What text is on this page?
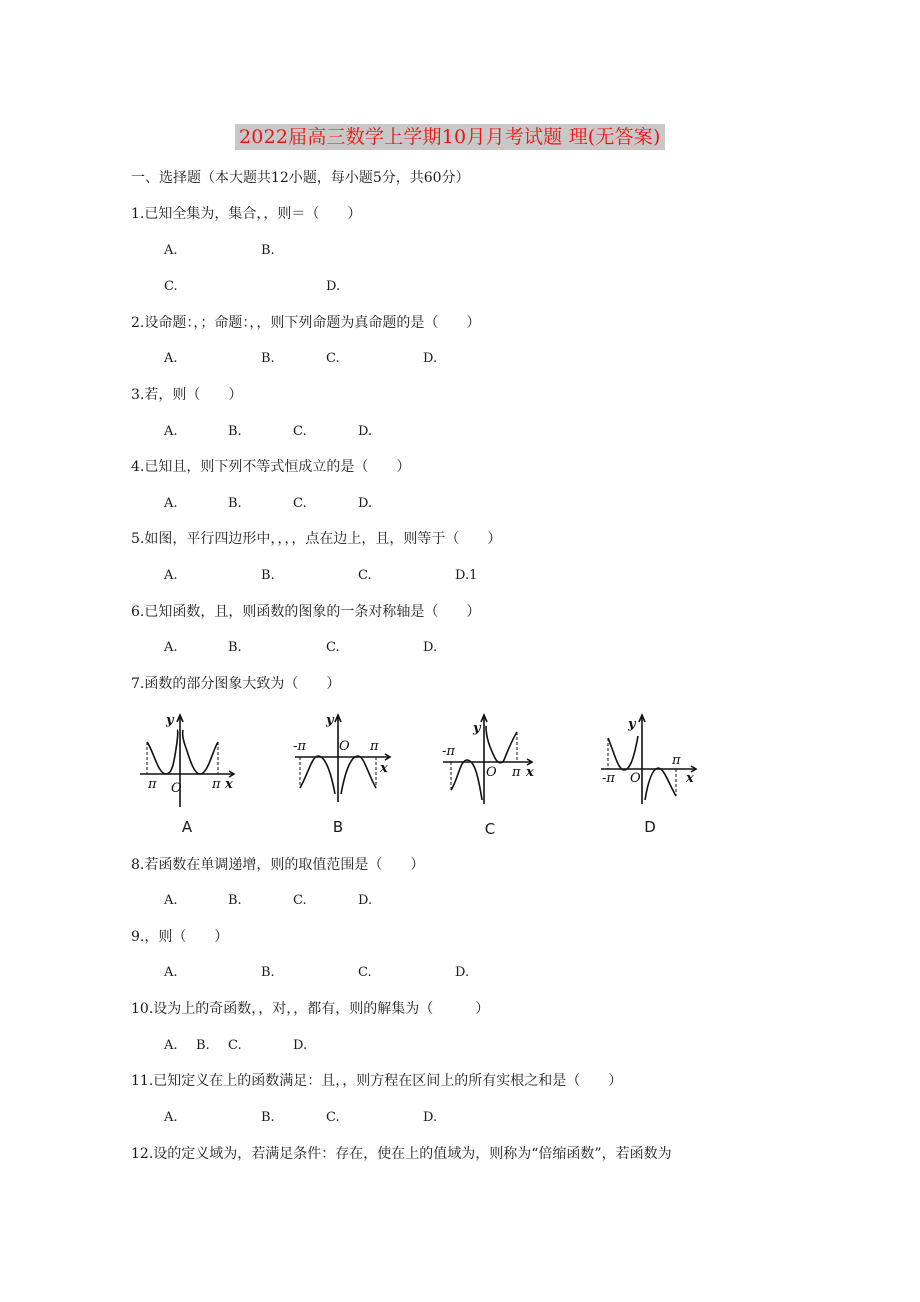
2022届高三数学上学期10月月考试题 理(无答案)
一、选择题（本大题共12小题，每小题5分，共60分）
1.已知全集为，集合，，则＝（　　）
A.	B.
C.	D.
2.设命题：，；命题：，，则下列命题为真命题的是（　　）
A.	B.	C.	D.
3.若，则（　　）
A.	B.	C.	D.
4.已知且，则下列不等式恒成立的是（　　）
A.	B.	C.	D.
5.如图，平行四边形中，，，，点在边上，且，则等于（　　）
A.	B.	C.	D.1
6.已知函数，且，则函数的图象的一条对称轴是（　　）
A.	B.	C.	D.
7.函数的部分图象大致为（　　）
y
π O π x
A
y
-π	O π
x
B
y
-π
O π x
C
y
-π O
π
x
D
8.若函数在单调递增，则的取值范围是（　　）
A.	B.	C.	D.
9.，则（　　）
A.	B.	C.	D.
10.设为上的奇函数，，对，，都有，则的解集为（　　　）
A. B. C.	D.
11.已知定义在上的函数满足：且，，则方程在区间上的所有实根之和是（　　）
A.	B.	C.	D.
12.设的定义域为，若满足条件：存在，使在上的值域为，则称为“倍缩函数”，若函数为
